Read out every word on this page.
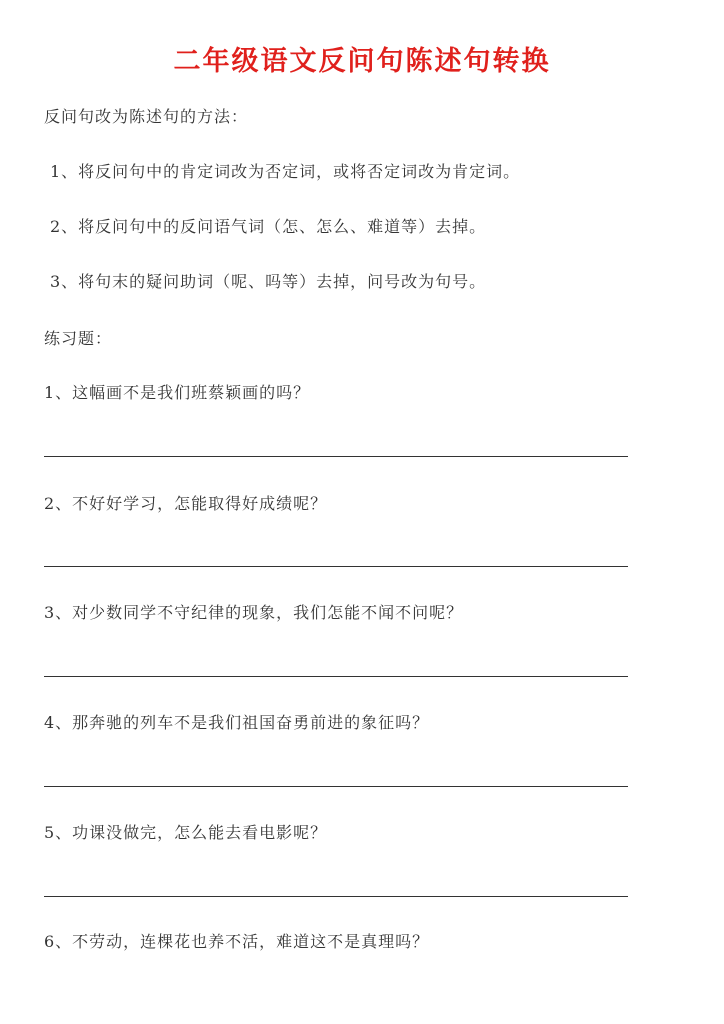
二年级语文反问句陈述句转换
反问句改为陈述句的方法：
1、将反问句中的肯定词改为否定词，或将否定词改为肯定词。
2、将反问句中的反问语气词（怎、怎么、难道等）去掉。
3、将句末的疑问助词（呢、吗等）去掉，问号改为句号。
练习题：
1、这幅画不是我们班蔡颖画的吗？
2、不好好学习，怎能取得好成绩呢？
3、对少数同学不守纪律的现象，我们怎能不闻不问呢？
4、那奔驰的列车不是我们祖国奋勇前进的象征吗？
5、功课没做完，怎么能去看电影呢？
6、不劳动，连棵花也养不活，难道这不是真理吗？
